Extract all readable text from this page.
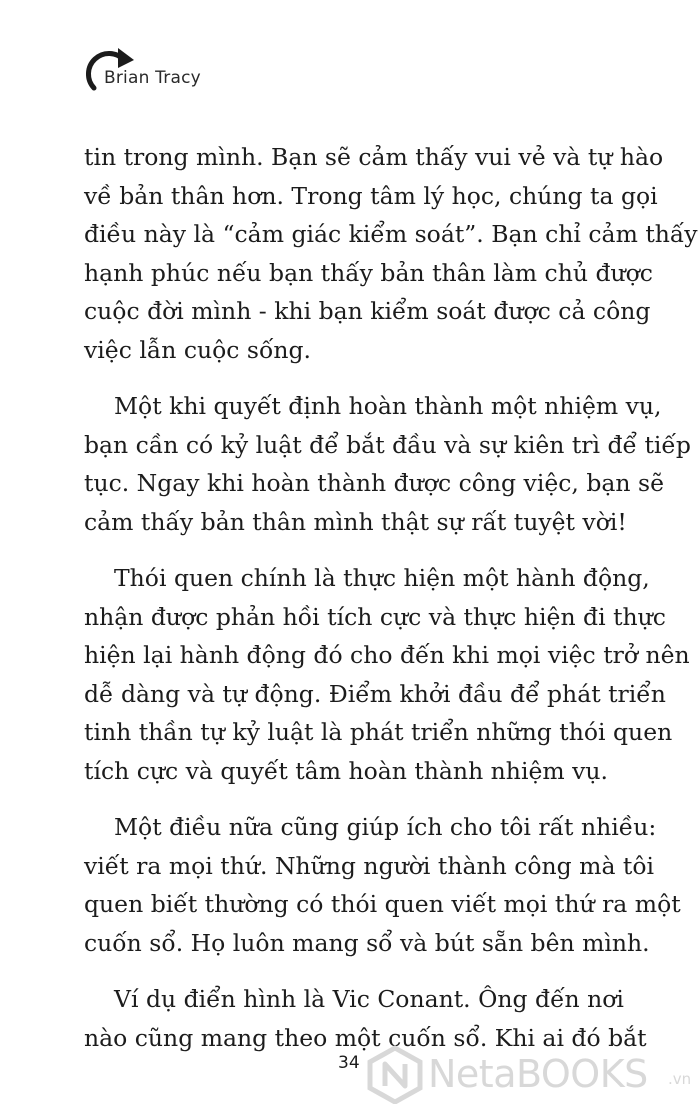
Brian Tracy

tin trong mình. Bạn sẽ cảm thấy vui vẻ và tự hào
về bản thân hơn. Trong tâm lý học, chúng ta gọi
điều này là “cảm giác kiểm soát”. Bạn chỉ cảm thấy
hạnh phúc nếu bạn thấy bản thân làm chủ được
cuộc đời mình - khi bạn kiểm soát được cả công
việc lẫn cuộc sống.

Một khi quyết định hoàn thành một nhiệm vụ,
bạn cần có kỷ luật để bắt đầu và sự kiên trì để tiếp
tục. Ngay khi hoàn thành được công việc, bạn sẽ
cảm thấy bản thân mình thật sự rất tuyệt vời!

Thói quen chính là thực hiện một hành động,
nhận được phản hồi tích cực và thực hiện đi thực
hiện lại hành động đó cho đến khi mọi việc trở nên
dễ dàng và tự động. Điểm khởi đầu để phát triển
tinh thần tự kỷ luật là phát triển những thói quen
tích cực và quyết tâm hoàn thành nhiệm vụ.

Một điều nữa cũng giúp ích cho tôi rất nhiều:
viết ra mọi thứ. Những người thành công mà tôi
quen biết thường có thói quen viết mọi thứ ra một
cuốn sổ. Họ luôn mang sổ và bút sẵn bên mình.

Ví dụ điển hình là Vic Conant. Ông đến nơi
nào cũng mang theo một cuốn sổ. Khi ai đó bắt

34 NetaBOOKS .vn
